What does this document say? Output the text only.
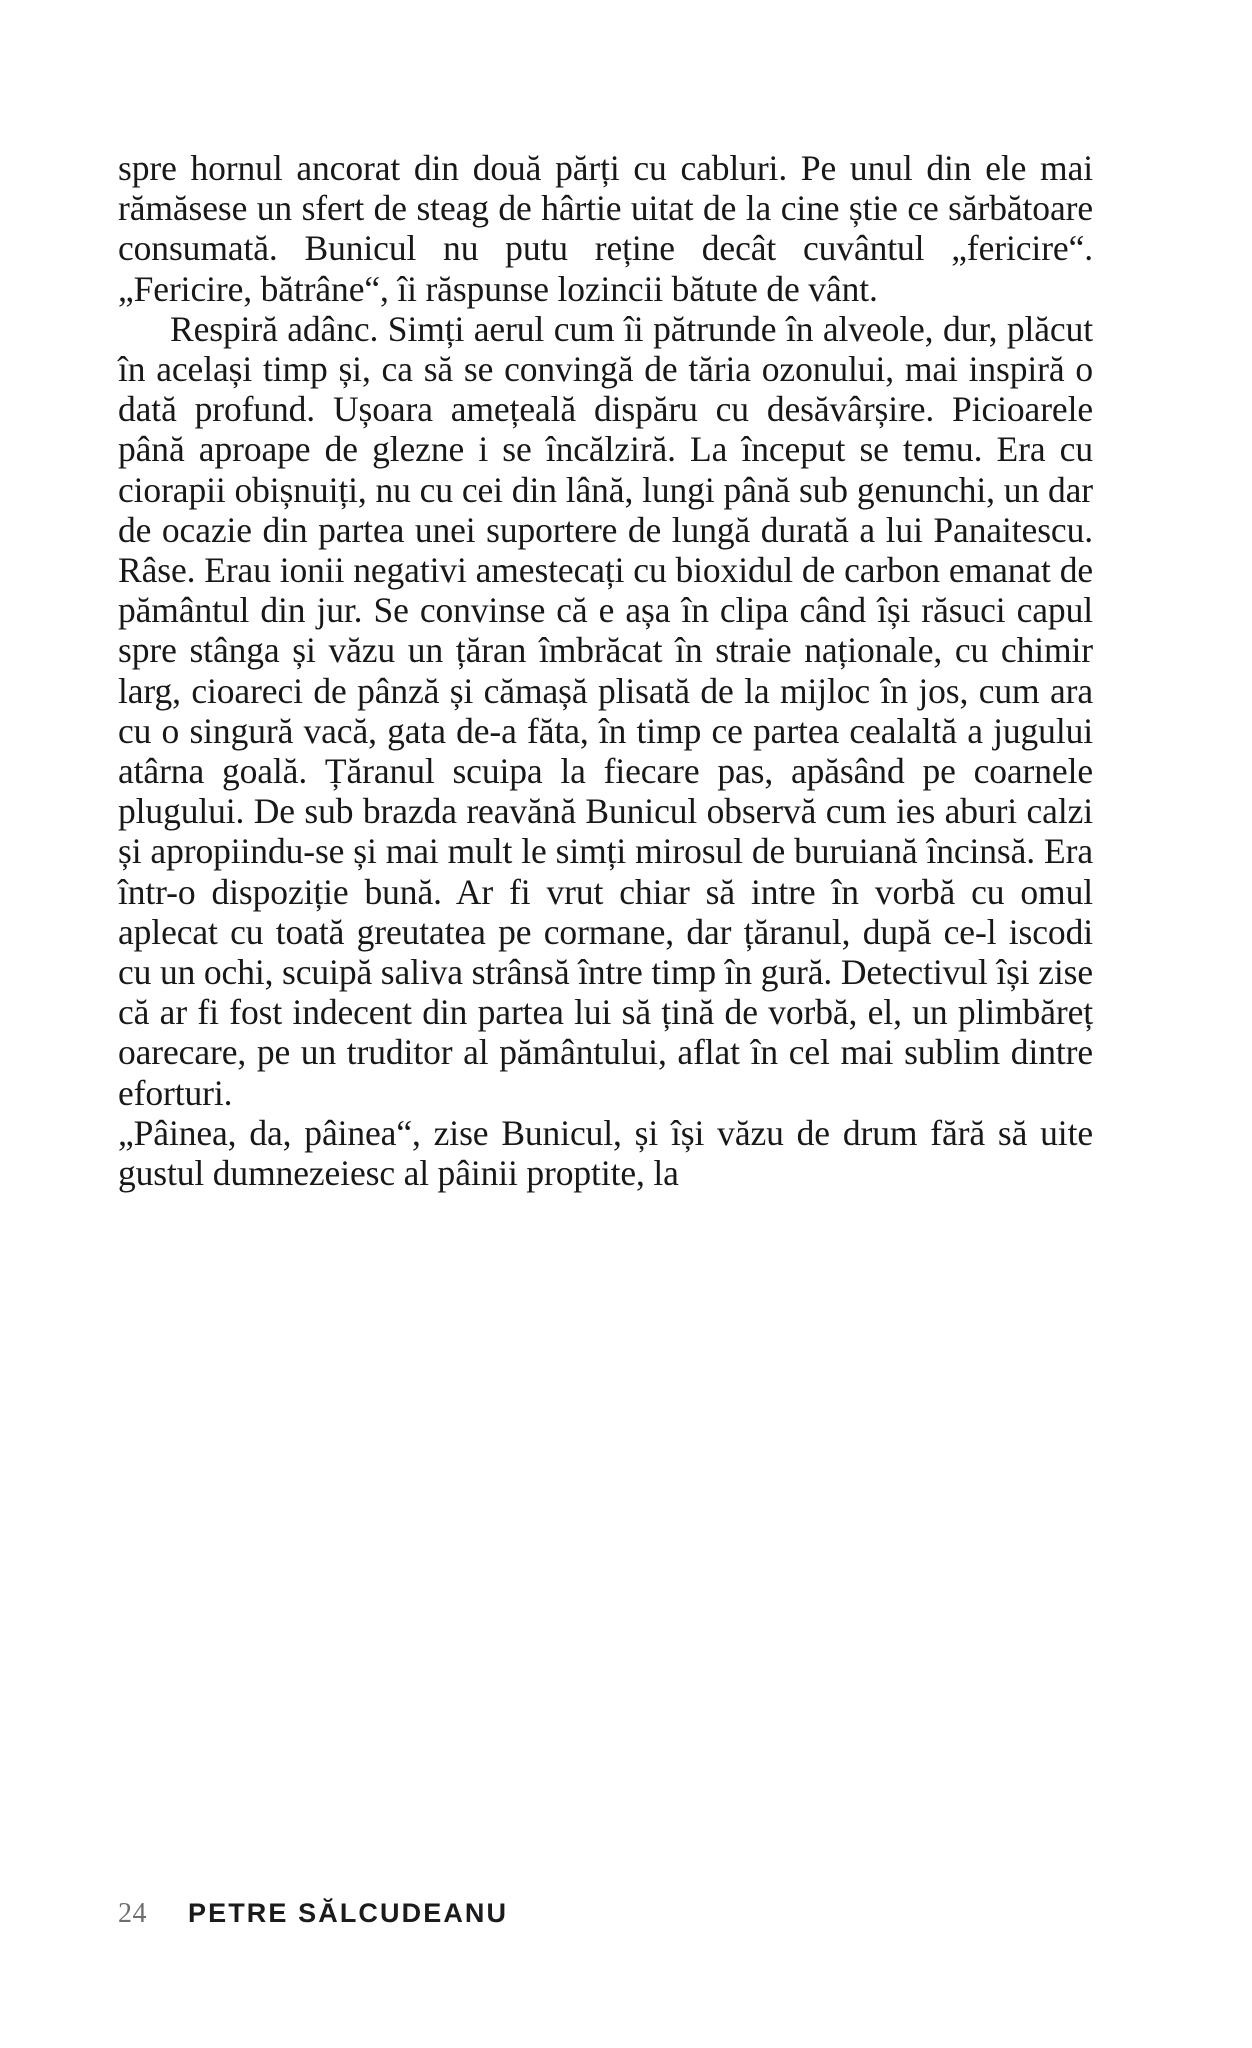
spre hornul ancorat din două părți cu cabluri. Pe unul din ele mai rămăsese un sfert de steag de hârtie uitat de la cine știe ce sărbătoare consumată. Bunicul nu putu reține decât cuvântul „fericire“. „Fericire, bătrâne“, îi răspunse lozincii bătute de vânt.

Respiră adânc. Simți aerul cum îi pătrunde în alveole, dur, plăcut în același timp și, ca să se convingă de tăria ozonului, mai inspiră o dată profund. Ușoara amețeală dispăru cu desăvârșire. Picioarele până aproape de glezne i se încălziră. La început se temu. Era cu ciorapii obișnuiți, nu cu cei din lână, lungi până sub genunchi, un dar de ocazie din partea unei suportere de lungă durată a lui Panaitescu. Râse. Erau ionii negativi amestecați cu bioxidul de carbon emanat de pământul din jur. Se convinse că e așa în clipa când își răsuci capul spre stânga și văzu un țăran îmbrăcat în straie naționale, cu chimir larg, cioareci de pânză și cămașă plisată de la mijloc în jos, cum ara cu o singură vacă, gata de-a făta, în timp ce partea cealaltă a jugului atârna goală. Țăranul scuipa la fiecare pas, apăsând pe coarnele plugului. De sub brazda reavănă Bunicul observă cum ies aburi calzi și apropiindu-se și mai mult le simți mirosul de buruiană încinsă. Era într-o dispoziție bună. Ar fi vrut chiar să intre în vorbă cu omul aplecat cu toată greutatea pe cormane, dar țăranul, după ce-l iscodi cu un ochi, scuipă saliva strânsă între timp în gură. Detectivul își zise că ar fi fost indecent din partea lui să țină de vorbă, el, un plimbăreț oarecare, pe un truditor al pământului, aflat în cel mai sublim dintre eforturi.

„Pâinea, da, pâinea“, zise Bunicul, și își văzu de drum fără să uite gustul dumnezeiesc al pâinii proptite, la

24	PETRE SĂLCUDEANU
